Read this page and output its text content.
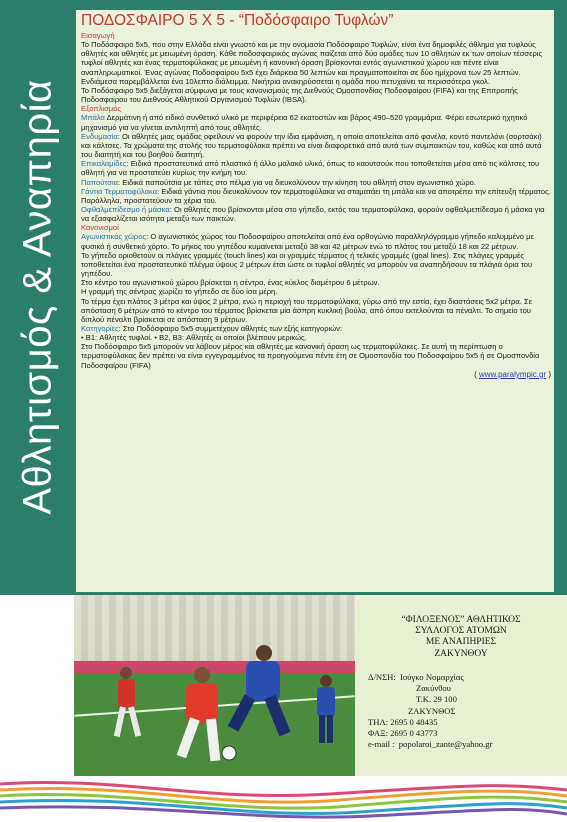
Αθλητισμός & Αναπηρία
ΠΟΔΟΣΦΑΙΡΟ 5 Χ 5 - “Ποδόσφαιρο Τυφλών”

Εισαγωγή

Το Ποδόσφαιρο 5x5, που στην Ελλάδα είναι γνωστό και με την ονομασία Ποδόσφαιρο Τυφλών, είναι ένα δημοφιλές άθλημα για τυφλούς αθλητές και αθλητές με μειωμένη όραση. Κάθε ποδοσφαιρικός αγώνας παίζεται από δύο ομάδες των 10 αθλητών εκ των οποίων τέσσερις τυφλοί αθλητές και ένας τερματοφύλακας με μειωμένη ή κανονική όραση βρίσκονται εντός αγωνιστικού χώρου και πέντε είναι αναπληρωματικοί. Ένας αγώνας Ποδοσφαίρου 5x5 έχει διάρκεια 50 λεπτών και πραγματοποιείται σε δύο ημίχρονα των 25 λεπτών. Ενδιάμεσα παρεμβάλλεται ένα 10λεπτο διάλειμμα. Νικήτρια ανακηρύσσεται η ομάδα που πετυχαίνει τα περισσότερα γκολ.

Το Ποδόσφαιρο 5x5 διεξάγεται σύμφωνα με τους κανονισμούς της Διεθνούς Ομοσπονδίας Ποδοσφαίρου (FIFA) και της Επιτροπής Ποδοσφαίρου του Διεθνούς Αθλητικού Οργανισμού Τυφλών (IBSA).

Εξοπλισμός

Μπάλα Δερμάτινη ή από ειδικό συνθετικό υλικό με περιφέρεια 62 εκατοστών και βάρος 490–520 γραμμάρια. Φέρει εσωτερικό ηχητικό μηχανισμό για να γίνεται αντιληπτή από τους αθλητές.

Ενδυμασία: Οι αθλητές μιας ομάδας οφείλουν να φορούν την ίδια εμφάνιση, η οποία αποτελείται από φανέλα, κοντό παντελόνι (σορτσάκι) και κάλτσες. Τα χρώματα της στολής του τερματοφύλακα πρέπει να είναι διαφορετικά από αυτά των συμπαικτών του, καθώς και από αυτά του διαιτητή και του βοηθού διαιτητή.

Επικαλαμίδες: Ειδικά προστατευτικά από πλαστικό ή άλλο μαλακό υλικό, όπως το καουτσούκ που τοποθετείται μέσα από τις κάλτσες του αθλητή για να προστατεύει κυρίως την κνήμη του.

Παπούτσια: Ειδικά παπούτσια με τάπες στο πέλμα για να διευκολύνουν την κίνηση του αθλητή στον αγωνιστικό χώρο.

Γάντια Τερματοφύλακα: Ειδικά γάντια που διευκολύνουν τον τερματοφύλακα να σταματάει τη μπάλα και να αποτρέπει την επίτευξη τέρματος. Παράλληλα, προστατεύουν τα χέρια του.

Οφθαλμεπίδεσμο ή μάσκα: Οι αθλητές που βρίσκονται μέσα στο γήπεδο, εκτός του τερματοφύλακα, φορούν οφθαλμεπίδεσμο ή μάσκα για να εξασφαλίζεται ισότητα μεταξύ των παικτών.

Κανονισμοί

Αγωνιστικός χώρος: Ο αγωνιστικός χώρος του Ποδοσφαίρου αποτελείται από ένα ορθογώνιο παραλληλόγραμμο γήπεδο καλυμμένο με φυσικό ή συνθετικό χόρτο. Το μήκος του γηπέδου κυμαίνεται μεταξύ 38 και 42 μέτρων ενώ το πλάτος του μεταξύ 18 και 22 μέτρων.

Το γήπεδο οριοθετούν οι πλάγιες γραμμές (touch lines) και οι γραμμές τέρματος ή τελικές γραμμές (goal lines). Στις πλάγιες γραμμές τοποθετείται ένα προστατευτικό πλέγμα ύψους 2 μέτρων έτσι ώστε οι τυφλοί αθλητές να μπορούν να αναπηδήσουν τα πλάγιά όρια του γηπέδου.

Στο κέντρο του αγωνιστικού χώρου βρίσκεται η σέντρα, ένας κύκλος διαμέτρου 6 μέτρων.

Η γραμμή της σέντρας χωρίζει το γήπεδο σε δύο ίσα μέρη.

Το τέρμα έχει πλάτος 3 μέτρα και ύψος 2 μέτρα, ενώ η περιοχή του τερματοφύλακα, γύρω από την εστία, έχει διαστάσεις 5x2 μέτρα. Σε απόσταση 6 μέτρων από το κέντρο του τέρματος βρίσκεται μία άσπρη κυκλική βούλα, από όπου εκτελούνται τα πέναλτι. Το σημείο του διπλού πέναλτι βρίσκεται σε απόσταση 9 μέτρων.

Κατηγορίες: Στο Ποδόσφαιρο 5x5 συμμετέχουν αθλητές των εξής κατηγοριών:

• B1: Αθλητές τυφλοί. • B2, B3: Αθλητές οι οποίοι βλέπουν μερικώς.

Στο Ποδόσφαιρο 5x5 μπορούν να λάβουν μέρος και αθλητές με κανονική όραση ως τερματοφύλακες. Σε αυτή τη περίπτωση ο τερματοφύλακας δεν πρέπει να είναι εγγεγραμμένος τα προηγούμενα πέντε έτη σε Ομοσπονδία του Ποδοσφαίρου 5x5 ή σε Ομοσπονδία Ποδοσφαίρου (FIFA)

( www.paralympic.gr )

“ΦΙΛΟΞΕΝΟΣ” ΑΘΛΗΤΙΚΟΣ
ΣΥΛΛΟΓΟΣ ΑΤΟΜΩΝ
ΜΕ ΑΝΑΠΗΡΙΕΣ
ΖΑΚΥΝΘΟΥ
Δ/ΝΣΗ: Ιούγκο Νομαρχίας
Ζακύνθου
Τ.Κ. 29 100
ΖΑΚΥΝΘΟΣ
ΤΗΛ: 2695 0 48435
ΦΑΞ: 2695 0 43773
e-mail : popolaroi_zante@yahoo.gr
